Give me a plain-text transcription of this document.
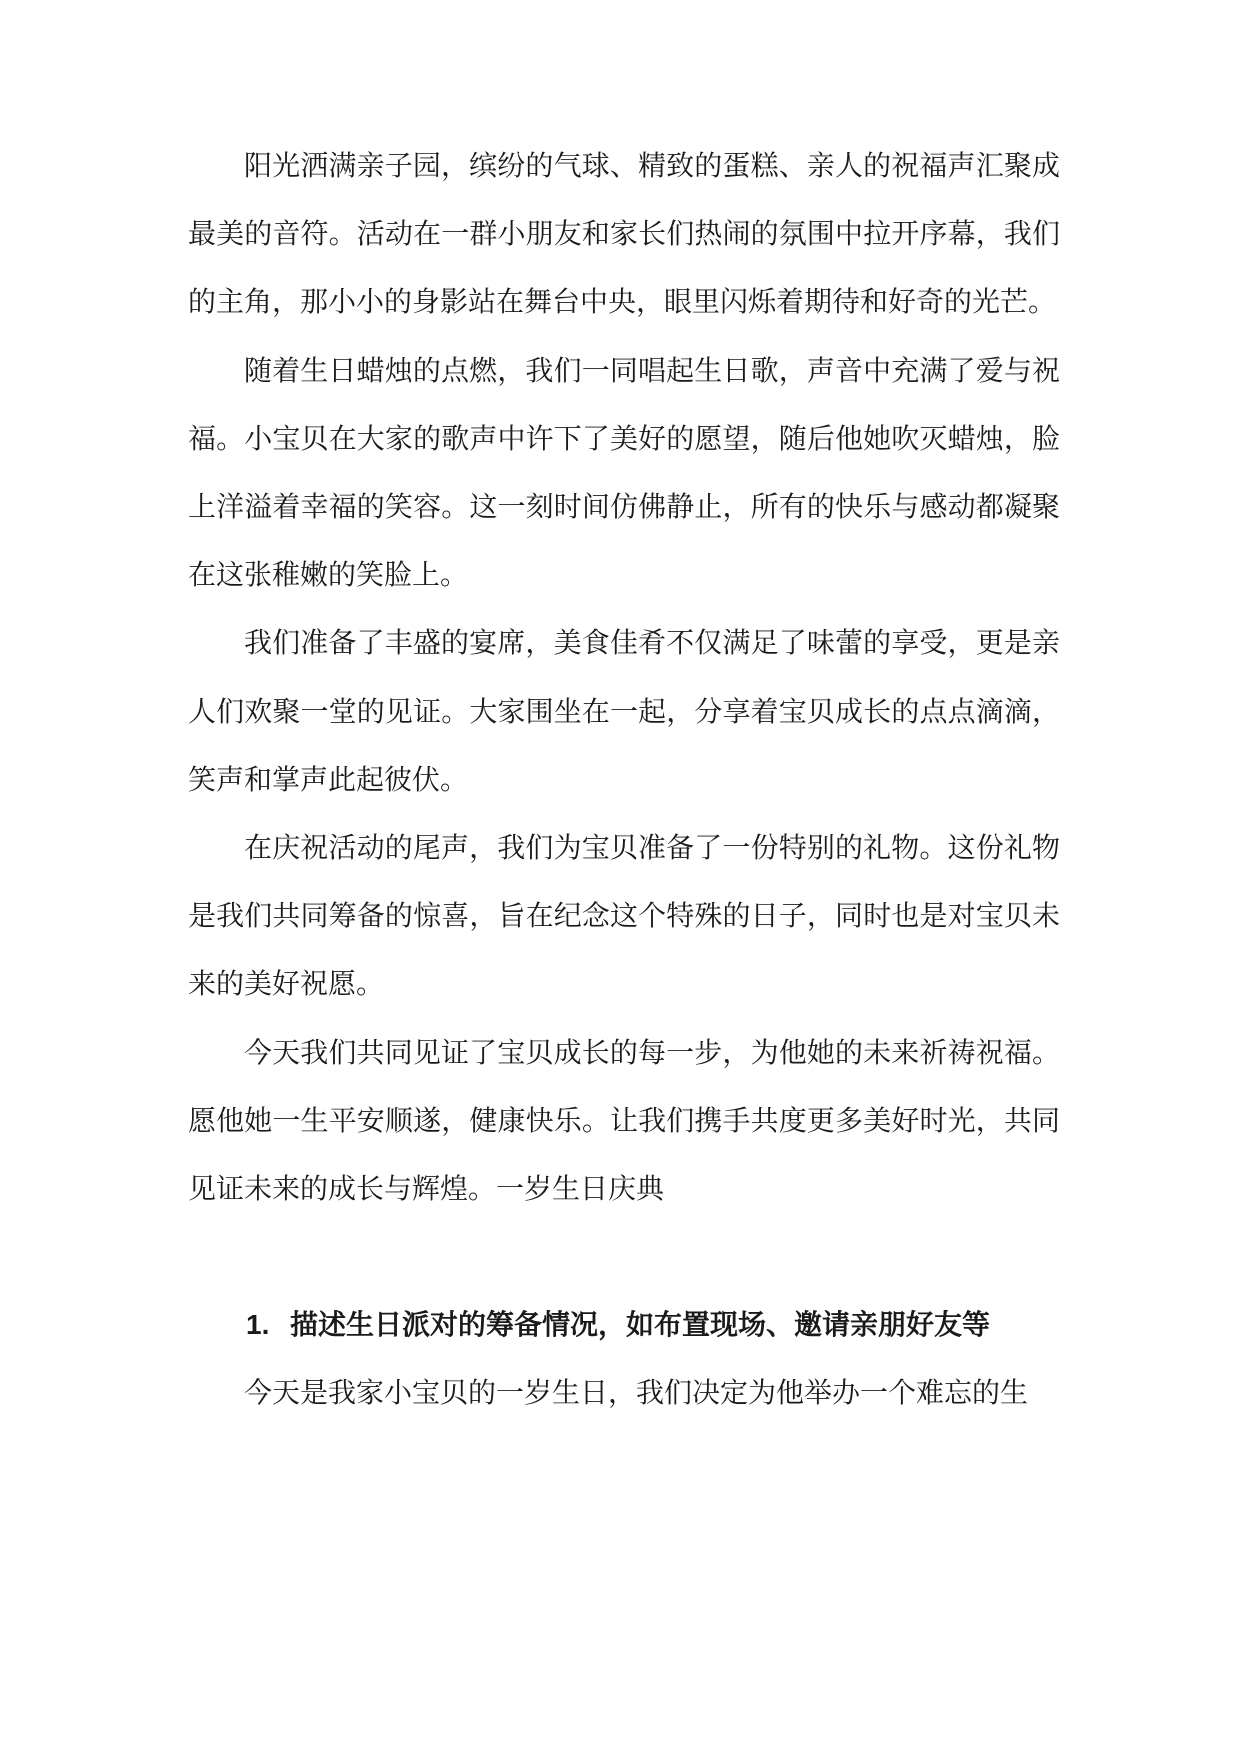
阳光洒满亲子园，缤纷的气球、精致的蛋糕、亲人的祝福声汇聚成最美的音符。活动在一群小朋友和家长们热闹的氛围中拉开序幕，我们的主角，那小小的身影站在舞台中央，眼里闪烁着期待和好奇的光芒。

随着生日蜡烛的点燃，我们一同唱起生日歌，声音中充满了爱与祝福。小宝贝在大家的歌声中许下了美好的愿望，随后他她吹灭蜡烛，脸上洋溢着幸福的笑容。这一刻时间仿佛静止，所有的快乐与感动都凝聚在这张稚嫩的笑脸上。

我们准备了丰盛的宴席，美食佳肴不仅满足了味蕾的享受，更是亲人们欢聚一堂的见证。大家围坐在一起，分享着宝贝成长的点点滴滴，笑声和掌声此起彼伏。

在庆祝活动的尾声，我们为宝贝准备了一份特别的礼物。这份礼物是我们共同筹备的惊喜，旨在纪念这个特殊的日子，同时也是对宝贝未来的美好祝愿。

今天我们共同见证了宝贝成长的每一步，为他她的未来祈祷祝福。愿他她一生平安顺遂，健康快乐。让我们携手共度更多美好时光，共同见证未来的成长与辉煌。一岁生日庆典

1. 描述生日派对的筹备情况，如布置现场、邀请亲朋好友等

今天是我家小宝贝的一岁生日，我们决定为他举办一个难忘的生
